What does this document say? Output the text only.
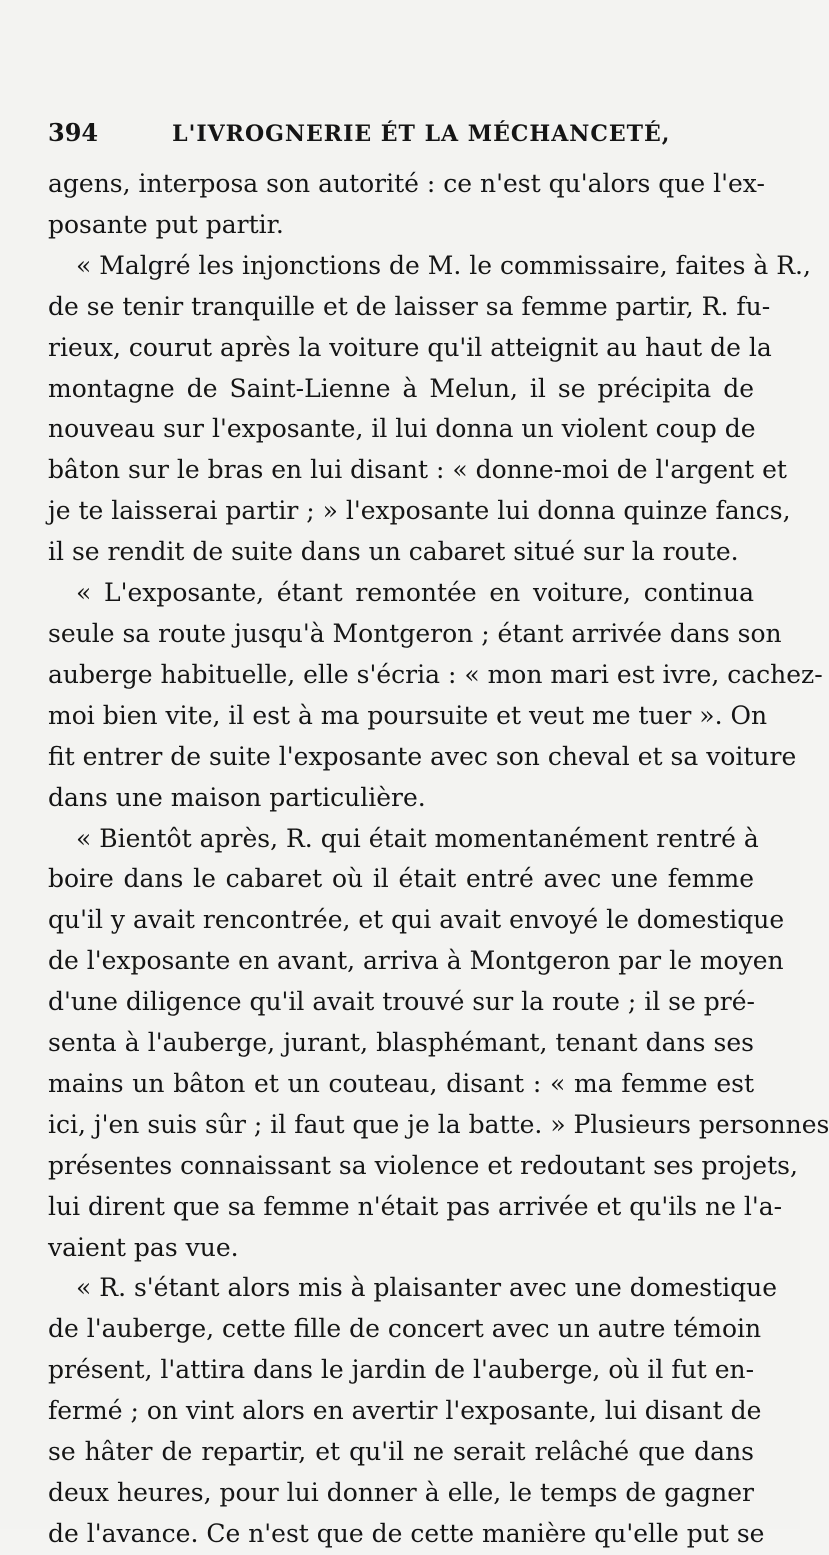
394	L'IVROGNERIE ÉT LA MÉCHANCETÉ,
agens, interposa son autorité : ce n'est qu'alors que l'ex-
posante put partir.
« Malgré les injonctions de M. le commissaire, faites à R.,
de se tenir tranquille et de laisser sa femme partir, R. fu-
rieux, courut après la voiture qu'il atteignit au haut de la
montagne de Saint-Lienne à Melun, il se précipita de
nouveau sur l'exposante, il lui donna un violent coup de
bâton sur le bras en lui disant : « donne-moi de l'argent et
je te laisserai partir ; » l'exposante lui donna quinze fancs,
il se rendit de suite dans un cabaret situé sur la route.
« L'exposante, étant remontée en voiture, continua
seule sa route jusqu'à Montgeron ; étant arrivée dans son
auberge habituelle, elle s'écria : « mon mari est ivre, cachez-
moi bien vite, il est à ma poursuite et veut me tuer ». On
fit entrer de suite l'exposante avec son cheval et sa voiture
dans une maison particulière.
« Bientôt après, R. qui était momentanément rentré à
boire dans le cabaret où il était entré avec une femme
qu'il y avait rencontrée, et qui avait envoyé le domestique
de l'exposante en avant, arriva à Montgeron par le moyen
d'une diligence qu'il avait trouvé sur la route ; il se pré-
senta à l'auberge, jurant, blasphémant, tenant dans ses
mains un bâton et un couteau, disant : « ma femme est
ici, j'en suis sûr ; il faut que je la batte. » Plusieurs personnes
présentes connaissant sa violence et redoutant ses projets,
lui dirent que sa femme n'était pas arrivée et qu'ils ne l'a-
vaient pas vue.
« R. s'étant alors mis à plaisanter avec une domestique
de l'auberge, cette fille de concert avec un autre témoin
présent, l'attira dans le jardin de l'auberge, où il fut en-
fermé ; on vint alors en avertir l'exposante, lui disant de
se hâter de repartir, et qu'il ne serait relâché que dans
deux heures, pour lui donner à elle, le temps de gagner
de l'avance. Ce n'est que de cette manière qu'elle put se
